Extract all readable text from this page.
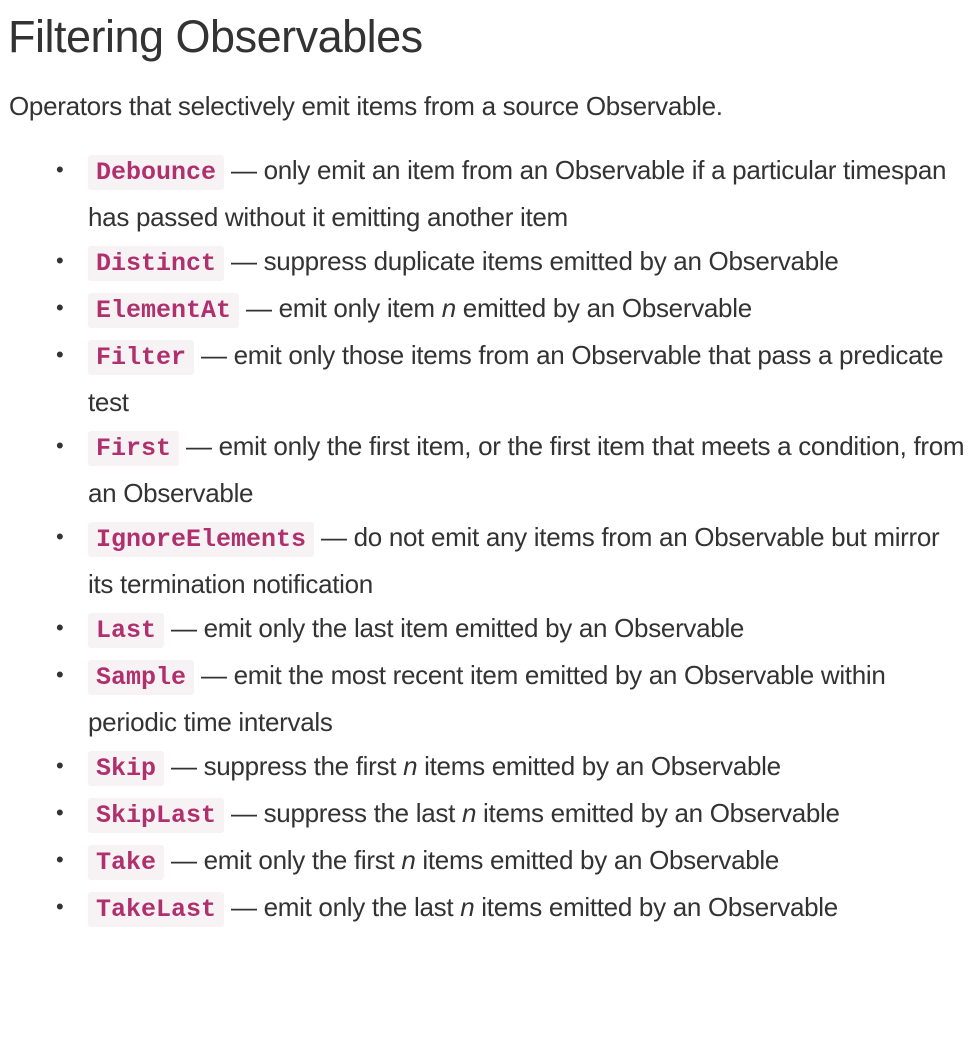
Filtering Observables

Operators that selectively emit items from a source Observable.

• Debounce — only emit an item from an Observable if a particular timespan has passed without it emitting another item
• Distinct — suppress duplicate items emitted by an Observable
• ElementAt — emit only item n emitted by an Observable
• Filter — emit only those items from an Observable that pass a predicate test
• First — emit only the first item, or the first item that meets a condition, from an Observable
• IgnoreElements — do not emit any items from an Observable but mirror its termination notification
• Last — emit only the last item emitted by an Observable
• Sample — emit the most recent item emitted by an Observable within periodic time intervals
• Skip — suppress the first n items emitted by an Observable
• SkipLast — suppress the last n items emitted by an Observable
• Take — emit only the first n items emitted by an Observable
• TakeLast — emit only the last n items emitted by an Observable
